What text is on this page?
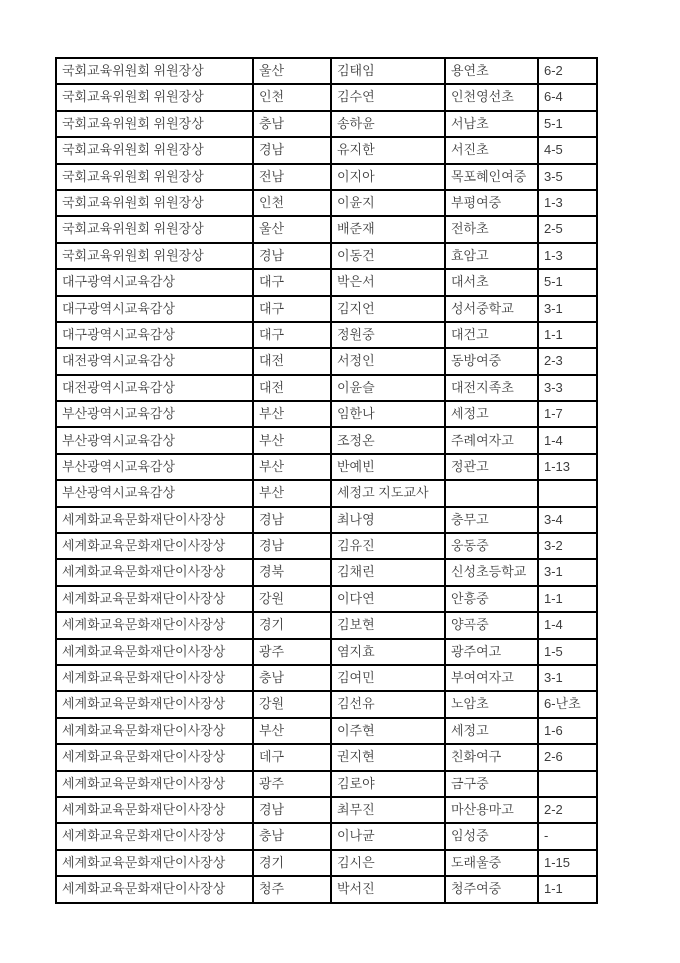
국회교육위원회 위원장상	울산	김태임	용연초	6-2
국회교육위원회 위원장상	인천	김수연	인천영선초	6-4
국회교육위원회 위원장상	충남	송하윤	서남초	5-1
국회교육위원회 위원장상	경남	유지한	서진초	4-5
국회교육위원회 위원장상	전남	이지아	목포혜인여중	3-5
국회교육위원회 위원장상	인천	이윤지	부평여중	1-3
국회교육위원회 위원장상	울산	배준재	전하초	2-5
국회교육위원회 위원장상	경남	이동건	효암고	1-3
대구광역시교육감상	대구	박은서	대서초	5-1
대구광역시교육감상	대구	김지언	성서중학교	3-1
대구광역시교육감상	대구	정원중	대건고	1-1
대전광역시교육감상	대전	서정인	동방여중	2-3
대전광역시교육감상	대전	이윤슬	대전지족초	3-3
부산광역시교육감상	부산	임한나	세정고	1-7
부산광역시교육감상	부산	조정온	주례여자고	1-4
부산광역시교육감상	부산	반예빈	정관고	1-13
부산광역시교육감상	부산	세정고 지도교사		
세계화교육문화재단이사장상	경남	최나영	충무고	3-4
세계화교육문화재단이사장상	경남	김유진	웅동중	3-2
세계화교육문화재단이사장상	경북	김채린	신성초등학교	3-1
세계화교육문화재단이사장상	강원	이다연	안흥중	1-1
세계화교육문화재단이사장상	경기	김보현	양곡중	1-4
세계화교육문화재단이사장상	광주	염지효	광주여고	1-5
세계화교육문화재단이사장상	충남	김여민	부여여자고	3-1
세계화교육문화재단이사장상	강원	김선유	노암초	6-난초
세계화교육문화재단이사장상	부산	이주현	세정고	1-6
세계화교육문화재단이사장상	데구	권지현	친화여구	2-6
세계화교육문화재단이사장상	광주	김로야	금구중	
세계화교육문화재단이사장상	경남	최무진	마산용마고	2-2
세계화교육문화재단이사장상	충남	이나균	임성중	-
세계화교육문화재단이사장상	경기	김시은	도래울중	1-15
세계화교육문화재단이사장상	청주	박서진	청주여중	1-1
